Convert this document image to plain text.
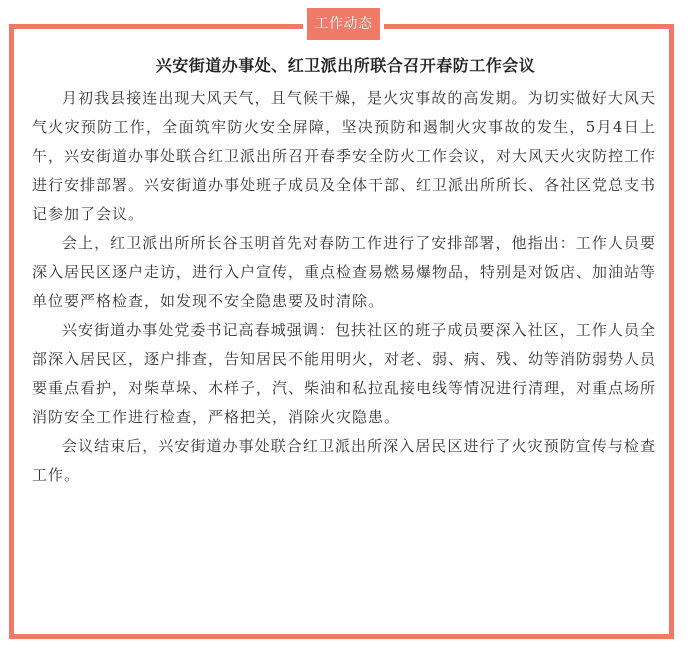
工作动态
兴安街道办事处、红卫派出所联合召开春防工作会议

月初我县接连出现大风天气，且气候干燥，是火灾事故的高发期。为切实做好大风天气火灾预防工作，全面筑牢防火安全屏障，坚决预防和遏制火灾事故的发生，5月4日上午，兴安街道办事处联合红卫派出所召开春季安全防火工作会议，对大风天火灾防控工作进行安排部署。兴安街道办事处班子成员及全体干部、红卫派出所所长、各社区党总支书记参加了会议。

会上，红卫派出所所长谷玉明首先对春防工作进行了安排部署，他指出：工作人员要深入居民区逐户走访，进行入户宣传，重点检查易燃易爆物品，特别是对饭店、加油站等单位要严格检查，如发现不安全隐患要及时清除。

兴安街道办事处党委书记高春城强调：包扶社区的班子成员要深入社区，工作人员全部深入居民区，逐户排查，告知居民不能用明火，对老、弱、病、残、幼等消防弱势人员要重点看护，对柴草垛、木样子，汽、柴油和私拉乱接电线等情况进行清理，对重点场所消防安全工作进行检查，严格把关，消除火灾隐患。

会议结束后，兴安街道办事处联合红卫派出所深入居民区进行了火灾预防宣传与检查工作。
